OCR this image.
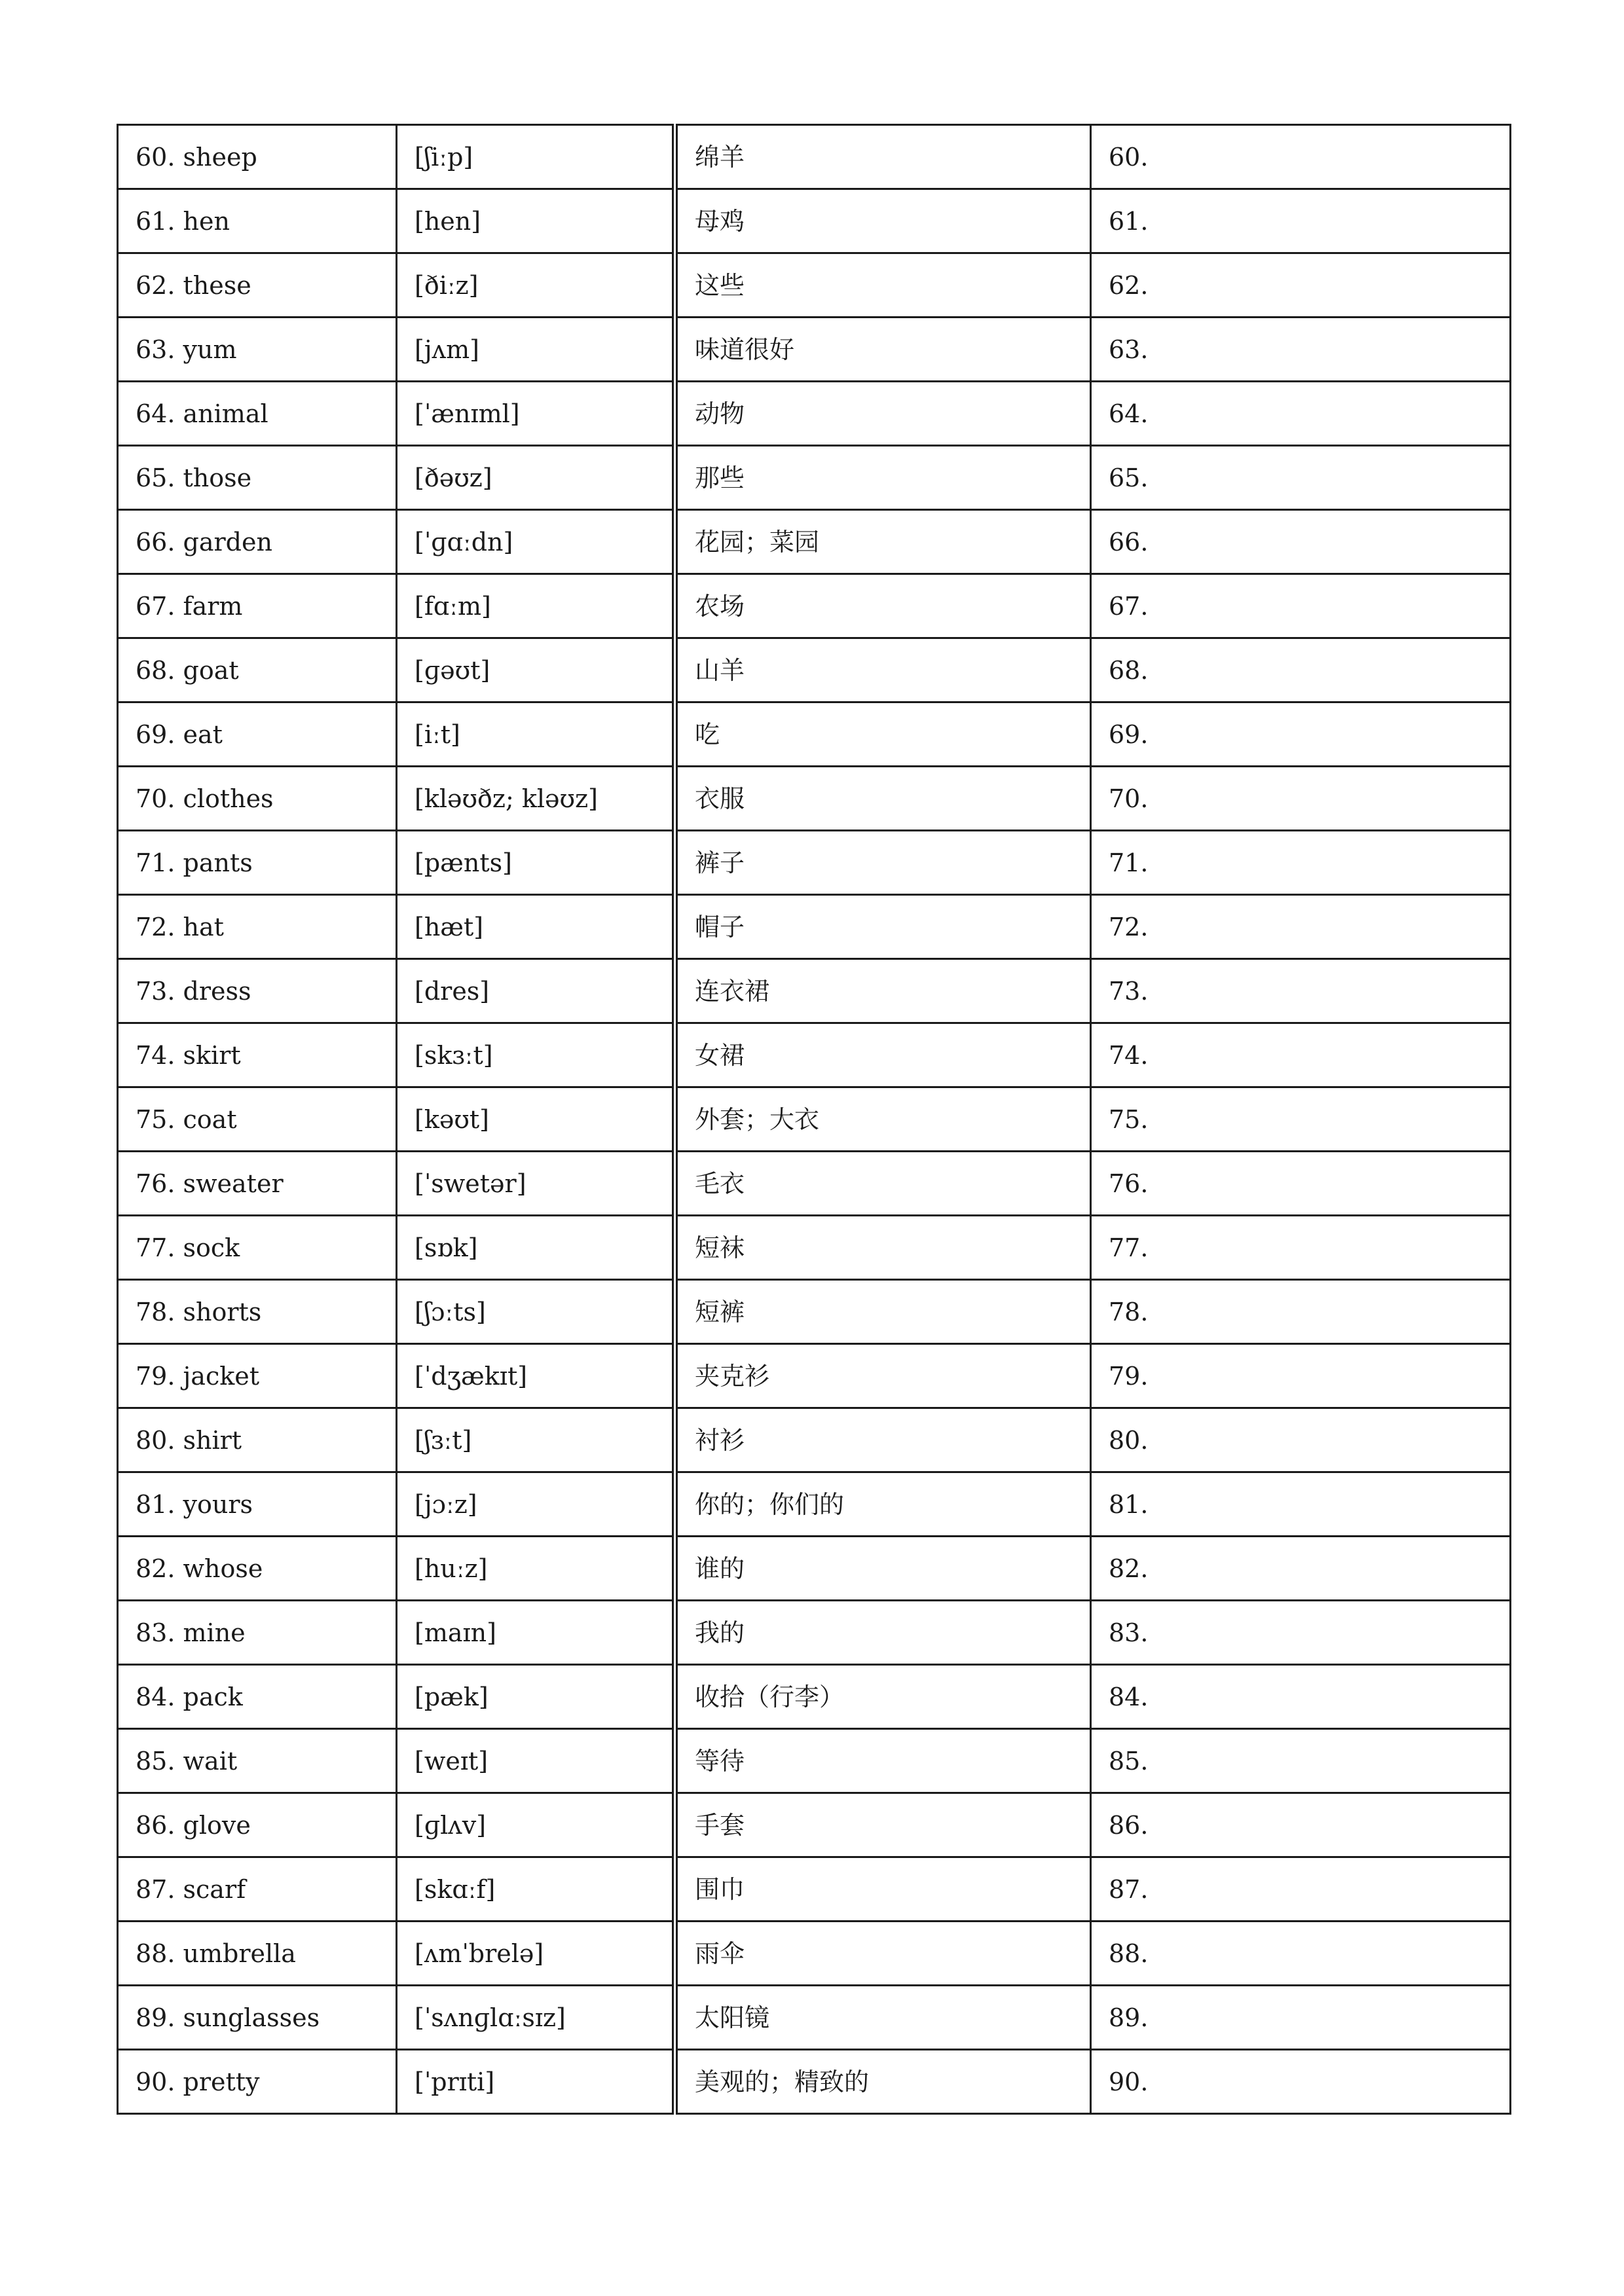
60. sheep	[ʃiːp]	绵羊	60.
61. hen	[hen]	母鸡	61.
62. these	[ðiːz]	这些	62.
63. yum	[jʌm]	味道很好	63.
64. animal	[ˈænɪml]	动物	64.
65. those	[ðəʊz]	那些	65.
66. garden	[ˈɡɑːdn]	花园；菜园	66.
67. farm	[fɑːm]	农场	67.
68. goat	[ɡəʊt]	山羊	68.
69. eat	[iːt]	吃	69.
70. clothes	[kləʊðz; kləʊz]	衣服	70.
71. pants	[pænts]	裤子	71.
72. hat	[hæt]	帽子	72.
73. dress	[dres]	连衣裙	73.
74. skirt	[skɜːt]	女裙	74.
75. coat	[kəʊt]	外套；大衣	75.
76. sweater	[ˈswetər]	毛衣	76.
77. sock	[sɒk]	短袜	77.
78. shorts	[ʃɔːts]	短裤	78.
79. jacket	[ˈdʒækɪt]	夹克衫	79.
80. shirt	[ʃɜːt]	衬衫	80.
81. yours	[jɔːz]	你的；你们的	81.
82. whose	[huːz]	谁的	82.
83. mine	[maɪn]	我的	83.
84. pack	[pæk]	收拾（行李）	84.
85. wait	[weɪt]	等待	85.
86. glove	[ɡlʌv]	手套	86.
87. scarf	[skɑːf]	围巾	87.
88. umbrella	[ʌmˈbrelə]	雨伞	88.
89. sunglasses	[ˈsʌnɡlɑːsɪz]	太阳镜	89.
90. pretty	[ˈprɪti]	美观的；精致的	90.
